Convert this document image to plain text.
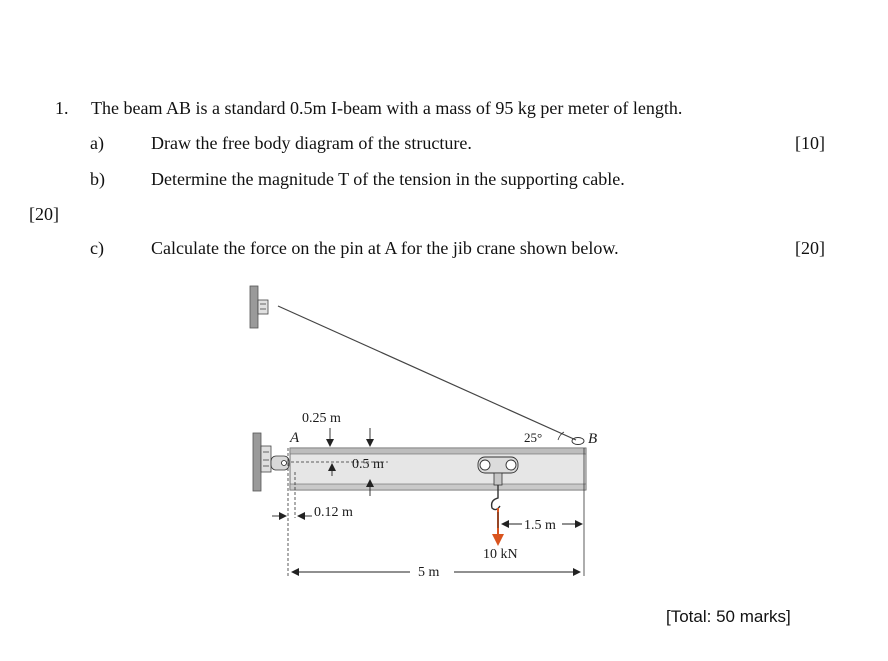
1. The beam AB is a standard 0.5m I-beam with a mass of 95 kg per meter of length.
a)	Draw the free body diagram of the structure.	[10]
b)	Determine the magnitude T of the tension in the supporting cable.
[20]
c)	Calculate the force on the pin at A for the jib crane shown below.	[20]
A	B
25°
0.25 m
0.5 m
0.12 m
1.5 m
10 kN
5 m
[Total: 50 marks]
